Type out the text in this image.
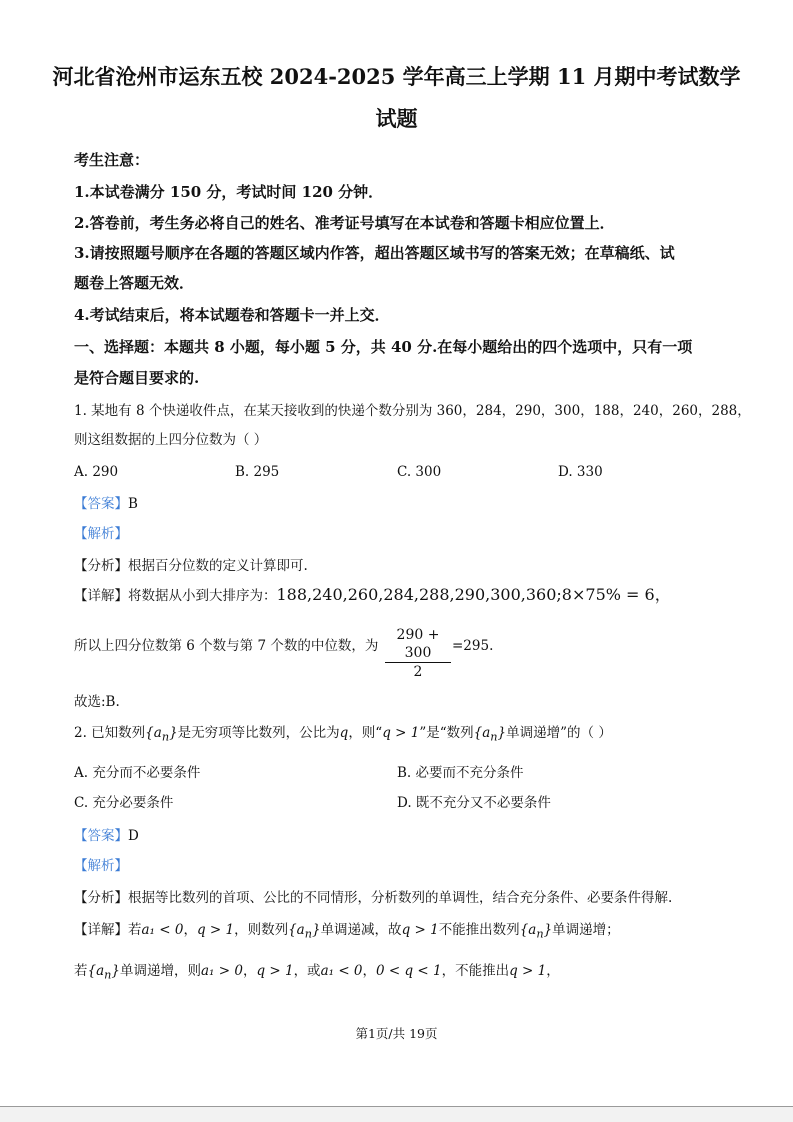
河北省沧州市运东五校 2024-2025 学年高三上学期 11 月期中考试数学
试题
考生注意：
1.本试卷满分 150 分，考试时间 120 分钟．
2.答卷前，考生务必将自己的姓名、准考证号填写在本试卷和答题卡相应位置上．
3.请按照题号顺序在各题的答题区域内作答，超出答题区域书写的答案无效；在草稿纸、试
题卷上答题无效．
4.考试结束后，将本试题卷和答题卡一并上交．
一、选择题：本题共 8 小题，每小题 5 分，共 40 分.在每小题给出的四个选项中，只有一项
是符合题目要求的.
1. 某地有 8 个快递收件点，在某天接收到的快递个数分别为 360，284，290，300，188，240，260，288，
则这组数据的上四分位数为（ ）
A. 290	B. 295	C. 300	D. 330
【答案】B
【解析】
【分析】根据百分位数的定义计算即可.
【详解】将数据从小到大排序为：188,240,260,284,288,290,300,360;8×75% = 6，
所以上四分位数第 6 个数与第 7 个数的中位数，为
290 + 300
2
=295.
故选:B.
2. 已知数列$\{a_n\}$是无穷项等比数列，公比为q，则“q > 1”是“数列$\{a_n\}$单调递增”的（ ）
A. 充分而不必要条件	B. 必要而不充分条件
C. 充分必要条件	D. 既不充分又不必要条件
【答案】D
【解析】
【分析】根据等比数列的首项、公比的不同情形，分析数列的单调性，结合充分条件、必要条件得解.
【详解】若a₁ < 0，q > 1，则数列$\{a_n\}$单调递减，故q > 1不能推出数列$\{a_n\}$单调递增；
若$\{a_n\}$单调递增，则a₁ > 0，q > 1，或a₁ < 0，0 < q < 1，不能推出q > 1，
第1页/共 19页
